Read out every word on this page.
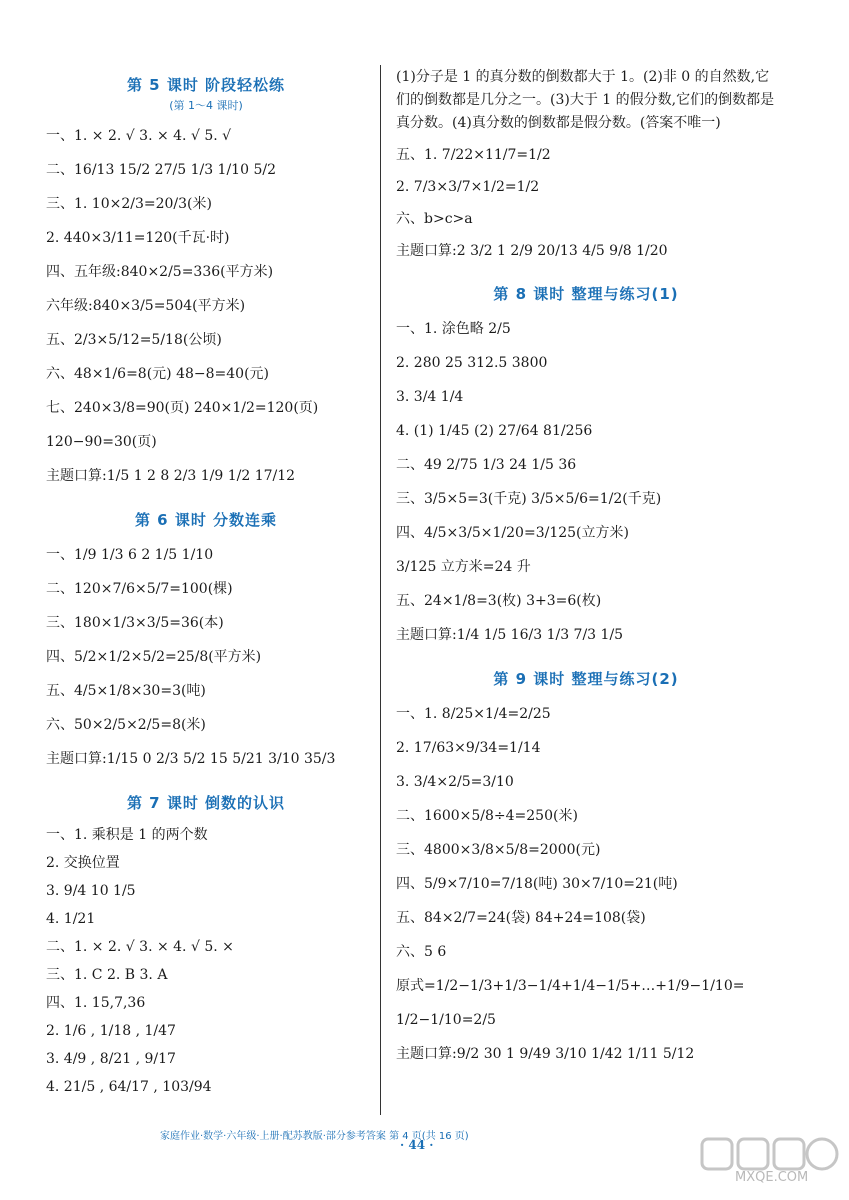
第 5 课时 阶段轻松练
(第 1～4 课时)
一、1. × 2. √ 3. × 4. √ 5. √
二、16/13 15/2 27/5 1/3 1/10 5/2
三、1. 10×2/3=20/3(米)
2. 440×3/11=120(千瓦·时)
四、五年级:840×2/5=336(平方米)
六年级:840×3/5=504(平方米)
五、2/3×5/12=5/18(公顷)
六、48×1/6=8(元) 48−8=40(元)
七、240×3/8=90(页) 240×1/2=120(页)
120−90=30(页)
主题口算:1/5 1 2 8 2/3 1/9 1/2 17/12
第 6 课时 分数连乘
一、1/9 1/3 6 2 1/5 1/10
二、120×7/6×5/7=100(棵)
三、180×1/3×3/5=36(本)
四、5/2×1/2×5/2=25/8(平方米)
五、4/5×1/8×30=3(吨)
六、50×2/5×2/5=8(米)
主题口算:1/15 0 2/3 5/2 15 5/21 3/10 35/3
第 7 课时 倒数的认识
一、1. 乘积是 1 的两个数
2. 交换位置
3. 9/4 10 1/5
4. 1/21
二、1. × 2. √ 3. × 4. √ 5. ×
三、1. C 2. B 3. A
四、1. 15,7,36
2. 1/6 , 1/18 , 1/47
3. 4/9 , 8/21 , 9/17
4. 21/5 , 64/17 , 103/94
(1)分子是 1 的真分数的倒数都大于 1。(2)非 0 的自然数,它们的倒数都是几分之一。(3)大于 1 的假分数,它们的倒数都是真分数。(4)真分数的倒数都是假分数。(答案不唯一)
五、1. 7/22×11/7=1/2
2. 7/3×3/7×1/2=1/2
六、b>c>a
主题口算:2 3/2 1 2/9 20/13 4/5 9/8 1/20
第 8 课时 整理与练习(1)
一、1. 涂色略 2/5
2. 280 25 312.5 3800
3. 3/4 1/4
4. (1) 1/45 (2) 27/64 81/256
二、49 2/75 1/3 24 1/5 36
三、3/5×5=3(千克) 3/5×5/6=1/2(千克)
四、4/5×3/5×1/20=3/125(立方米)
3/125 立方米=24 升
五、24×1/8=3(枚) 3+3=6(枚)
主题口算:1/4 1/5 16/3 1/3 7/3 1/5
第 9 课时 整理与练习(2)
一、1. 8/25×1/4=2/25
2. 17/63×9/34=1/14
3. 3/4×2/5=3/10
二、1600×5/8÷4=250(米)
三、4800×3/8×5/8=2000(元)
四、5/9×7/10=7/18(吨) 30×7/10=21(吨)
五、84×2/7=24(袋) 84+24=108(袋)
六、5 6
原式=1/2−1/3+1/3−1/4+1/4−1/5+…+1/9−1/10=
1/2−1/10=2/5
主题口算:9/2 30 1 9/49 3/10 1/42 1/11 5/12
家庭作业·数学·六年级·上册·配苏教版·部分参考答案 第 4 页(共 16 页)
· 44 ·
MXQE.COM
